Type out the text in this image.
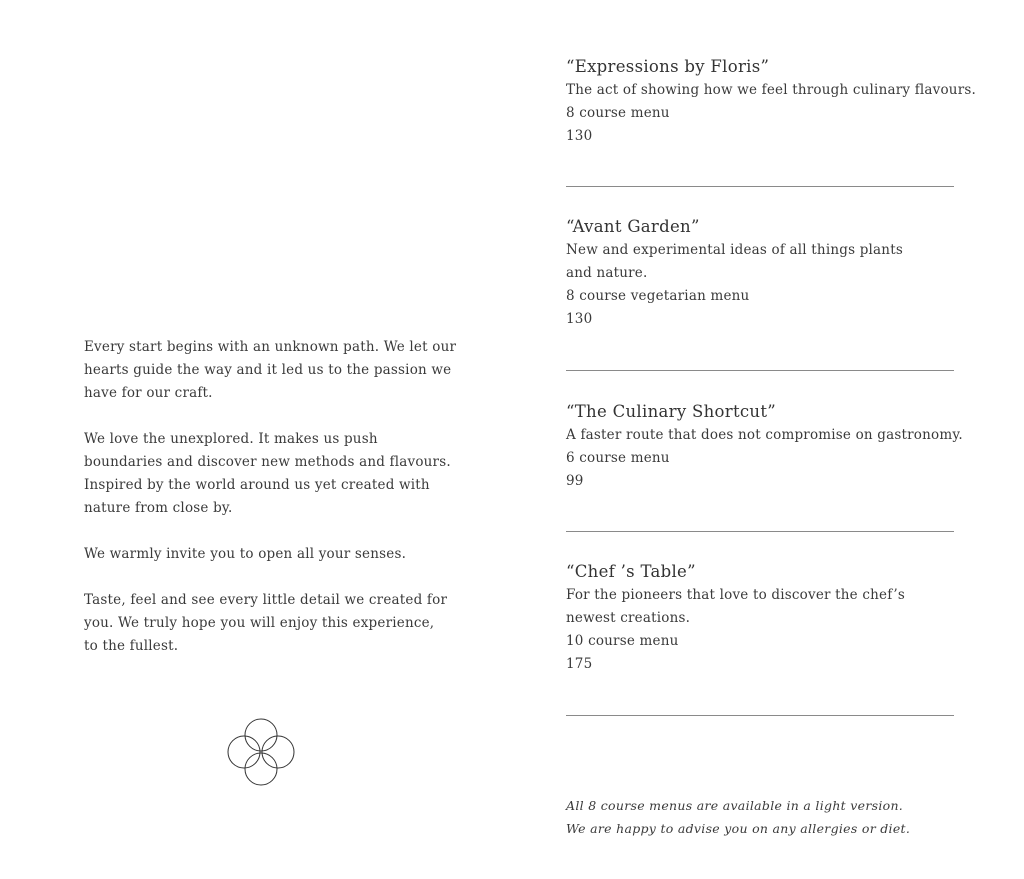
Every start begins with an unknown path. We let our
hearts guide the way and it led us to the passion we
have for our craft.

We love the unexplored. It makes us push
boundaries and discover new methods and flavours.
Inspired by the world around us yet created with
nature from close by.

We warmly invite you to open all your senses.

Taste, feel and see every little detail we created for
you. We truly hope you will enjoy this experience,
to the fullest.

“Expressions by Floris”
The act of showing how we feel through culinary flavours.
8 course menu
130
“Avant Garden”
New and experimental ideas of all things plants
and nature.
8 course vegetarian menu
130
“The Culinary Shortcut”
A faster route that does not compromise on gastronomy.
6 course menu
99
“Chef ’s Table”
For the pioneers that love to discover the chef’s
newest creations.
10 course menu
175
All 8 course menus are available in a light version.
We are happy to advise you on any allergies or diet.
